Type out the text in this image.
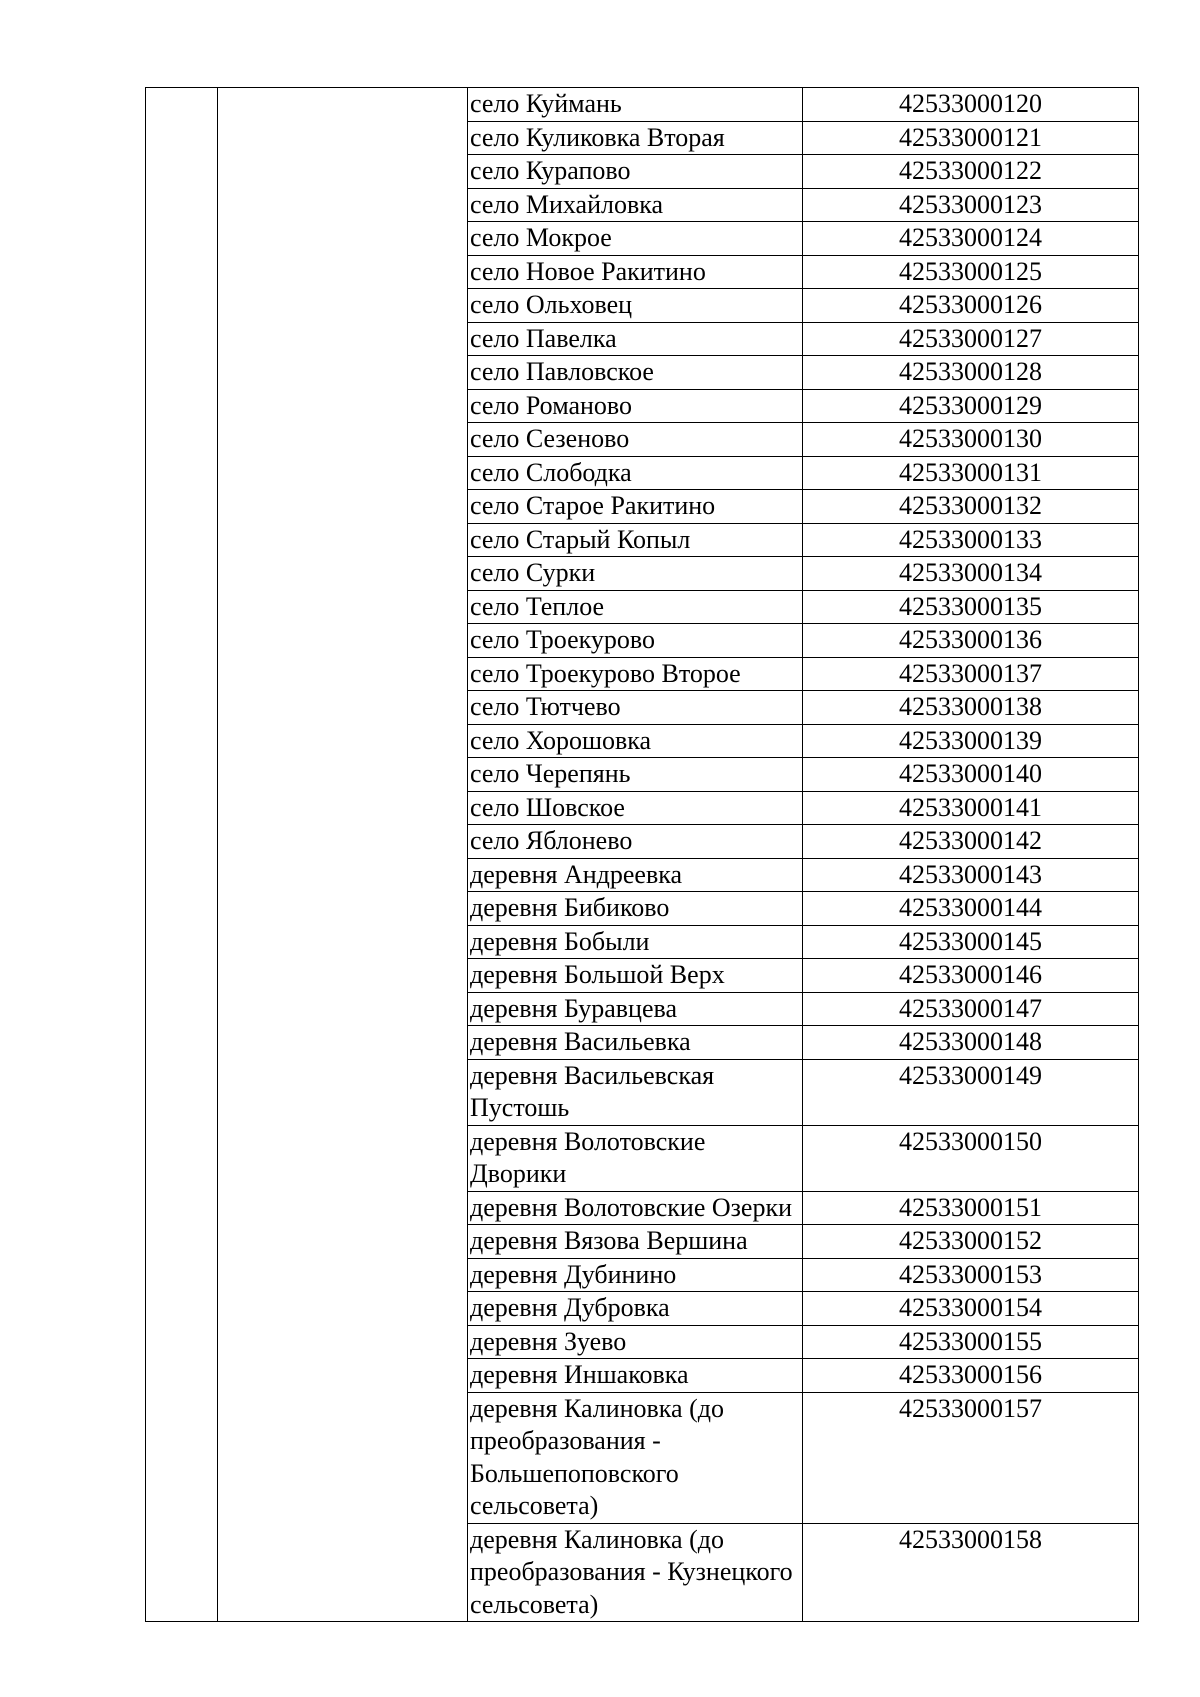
		село Куймань	42533000120
		село Куликовка Вторая	42533000121
		село Курапово	42533000122
		село Михайловка	42533000123
		село Мокрое	42533000124
		село Новое Ракитино	42533000125
		село Ольховец	42533000126
		село Павелка	42533000127
		село Павловское	42533000128
		село Романово	42533000129
		село Сезеново	42533000130
		село Слободка	42533000131
		село Старое Ракитино	42533000132
		село Старый Копыл	42533000133
		село Сурки	42533000134
		село Теплое	42533000135
		село Троекурово	42533000136
		село Троекурово Второе	42533000137
		село Тютчево	42533000138
		село Хорошовка	42533000139
		село Черепянь	42533000140
		село Шовское	42533000141
		село Яблонево	42533000142
		деревня Андреевка	42533000143
		деревня Бибиково	42533000144
		деревня Бобыли	42533000145
		деревня Большой Верх	42533000146
		деревня Буравцева	42533000147
		деревня Васильевка	42533000148
		деревня Васильевская Пустошь	42533000149
		деревня Волотовские Дворики	42533000150
		деревня Волотовские Озерки	42533000151
		деревня Вязова Вершина	42533000152
		деревня Дубинино	42533000153
		деревня Дубровка	42533000154
		деревня Зуево	42533000155
		деревня Иншаковка	42533000156
		деревня Калиновка (до преобразования - Большепоповского сельсовета)	42533000157
		деревня Калиновка (до преобразования - Кузнецкого сельсовета)	42533000158
